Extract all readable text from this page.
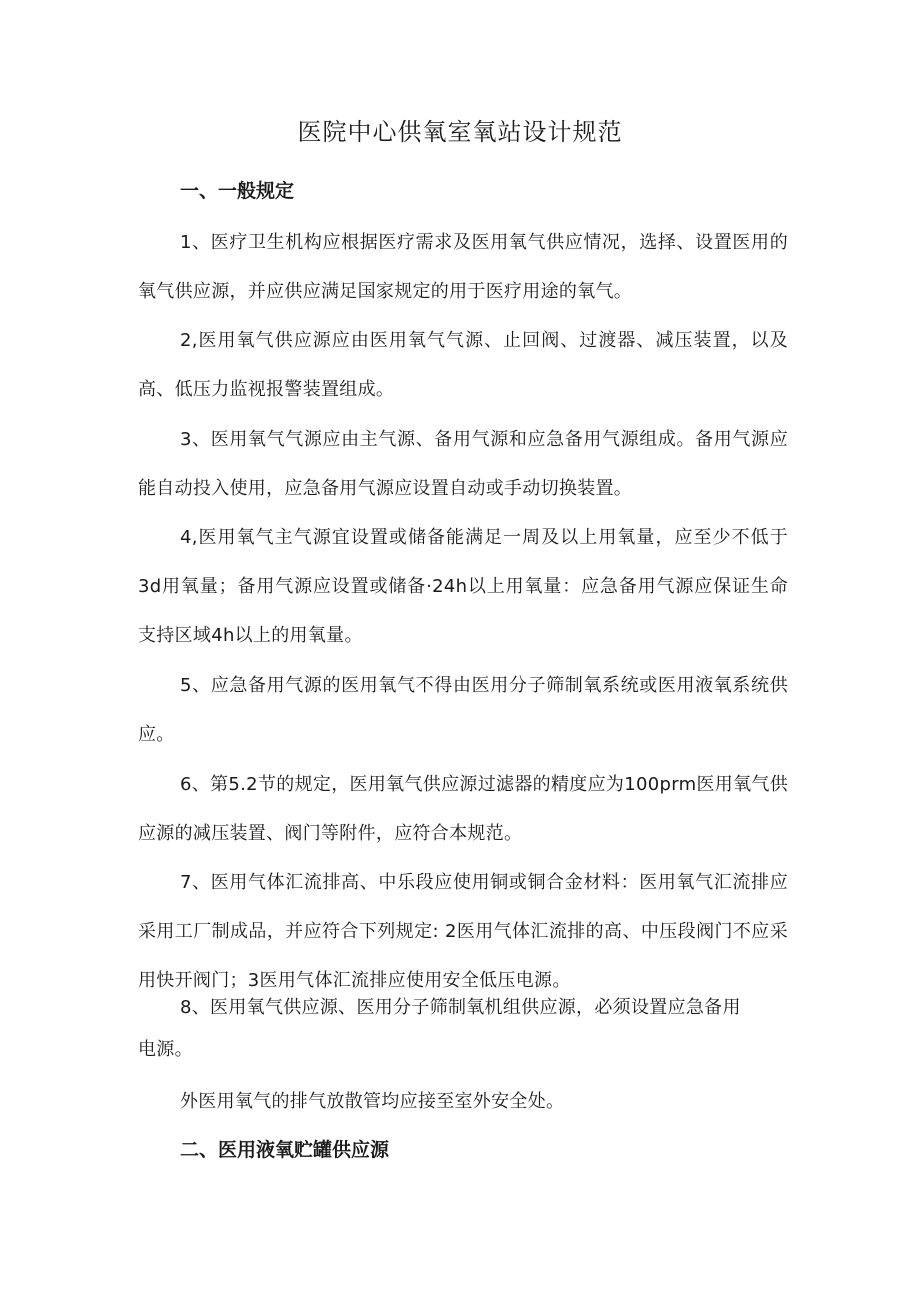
医院中心供氧室氧站设计规范
一、一般规定
1、医疗卫生机构应根据医疗需求及医用氧气供应情况，选择、设置医用的氧气供应源，并应供应满足国家规定的用于医疗用途的氧气。
2,医用氧气供应源应由医用氧气气源、止回阀、过渡器、减压装置，以及高、低压力监视报警装置组成。
3、医用氧气气源应由主气源、备用气源和应急备用气源组成。备用气源应能自动投入使用，应急备用气源应设置自动或手动切换装置。
4,医用氧气主气源宜设置或储备能满足一周及以上用氧量，应至少不低于3d用氧量；备用气源应设置或储备·24h以上用氧量：应急备用气源应保证生命支持区域4h以上的用氧量。
5、应急备用气源的医用氧气不得由医用分子筛制氧系统或医用液氧系统供应。
6、第5.2节的规定，医用氧气供应源过滤器的精度应为100prm医用氧气供应源的减压装置、阀门等附件，应符合本规范。
7、医用气体汇流排高、中乐段应使用铜或铜合金材料：医用氧气汇流排应采用工厂制成品，并应符合下列规定: 2医用气体汇流排的高、中压段阀门不应采用快开阀门；3医用气体汇流排应使用安全低压电源。
8、医用氧气供应源、医用分子筛制氧机组供应源，必须设置应急备用电源。
外医用氧气的排气放散管均应接至室外安全处。
二、医用液氧贮罐供应源
